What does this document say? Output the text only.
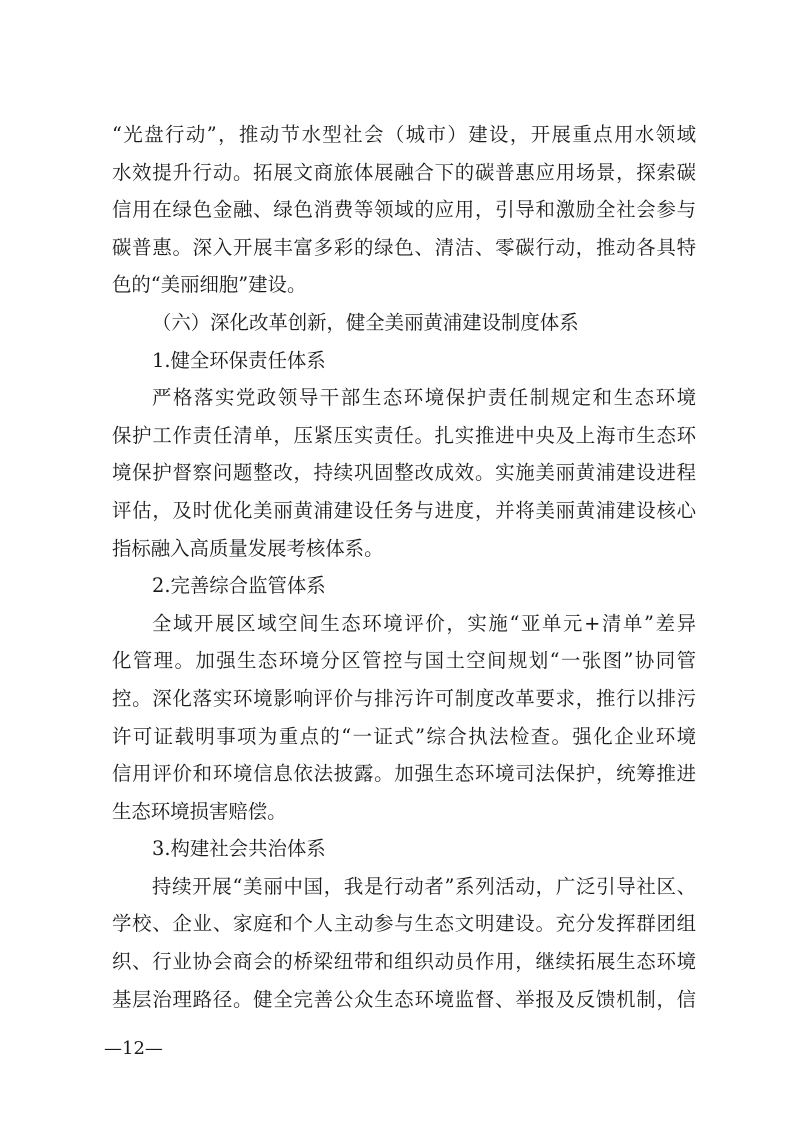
“光盘行动”，推动节水型社会（城市）建设，开展重点用水领域
水效提升行动。拓展文商旅体展融合下的碳普惠应用场景，探索碳
信用在绿色金融、绿色消费等领域的应用，引导和激励全社会参与
碳普惠。深入开展丰富多彩的绿色、清洁、零碳行动，推动各具特
色的“美丽细胞”建设。
（六）深化改革创新，健全美丽黄浦建设制度体系
1.健全环保责任体系
严格落实党政领导干部生态环境保护责任制规定和生态环境
保护工作责任清单，压紧压实责任。扎实推进中央及上海市生态环
境保护督察问题整改，持续巩固整改成效。实施美丽黄浦建设进程
评估，及时优化美丽黄浦建设任务与进度，并将美丽黄浦建设核心
指标融入高质量发展考核体系。
2.完善综合监管体系
全域开展区域空间生态环境评价，实施“亚单元+清单”差异
化管理。加强生态环境分区管控与国土空间规划“一张图”协同管
控。深化落实环境影响评价与排污许可制度改革要求，推行以排污
许可证载明事项为重点的“一证式”综合执法检查。强化企业环境
信用评价和环境信息依法披露。加强生态环境司法保护，统筹推进
生态环境损害赔偿。
3.构建社会共治体系
持续开展“美丽中国，我是行动者”系列活动，广泛引导社区、
学校、企业、家庭和个人主动参与生态文明建设。充分发挥群团组
织、行业协会商会的桥梁纽带和组织动员作用，继续拓展生态环境
基层治理路径。健全完善公众生态环境监督、举报及反馈机制，信
—12—
